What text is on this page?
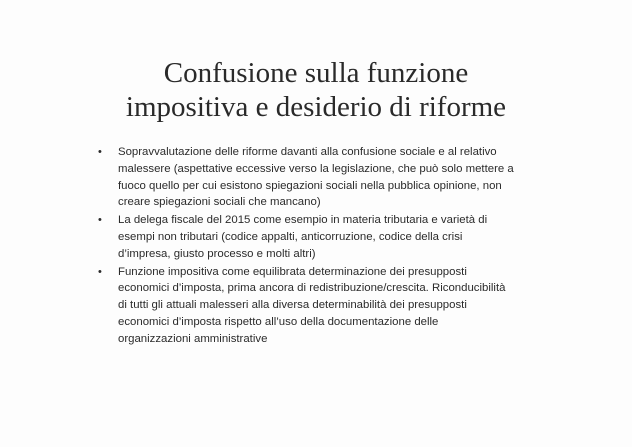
Confusione sulla funzione
impositiva e desiderio di riforme
• Sopravvalutazione delle riforme davanti alla confusione sociale e al relativo
malessere (aspettative eccessive verso la legislazione, che può solo mettere a
fuoco quello per cui esistono spiegazioni sociali nella pubblica opinione, non
creare spiegazioni sociali che mancano)
• La delega fiscale del 2015 come esempio in materia tributaria e varietà di
esempi non tributari (codice appalti, anticorruzione, codice della crisi
d’impresa, giusto processo e molti altri)
• Funzione impositiva come equilibrata determinazione dei presupposti
economici d’imposta, prima ancora di redistribuzione/crescita. Riconducibilità
di tutti gli attuali malesseri alla diversa determinabilità dei presupposti
economici d’imposta rispetto all’uso della documentazione delle
organizzazioni amministrative
